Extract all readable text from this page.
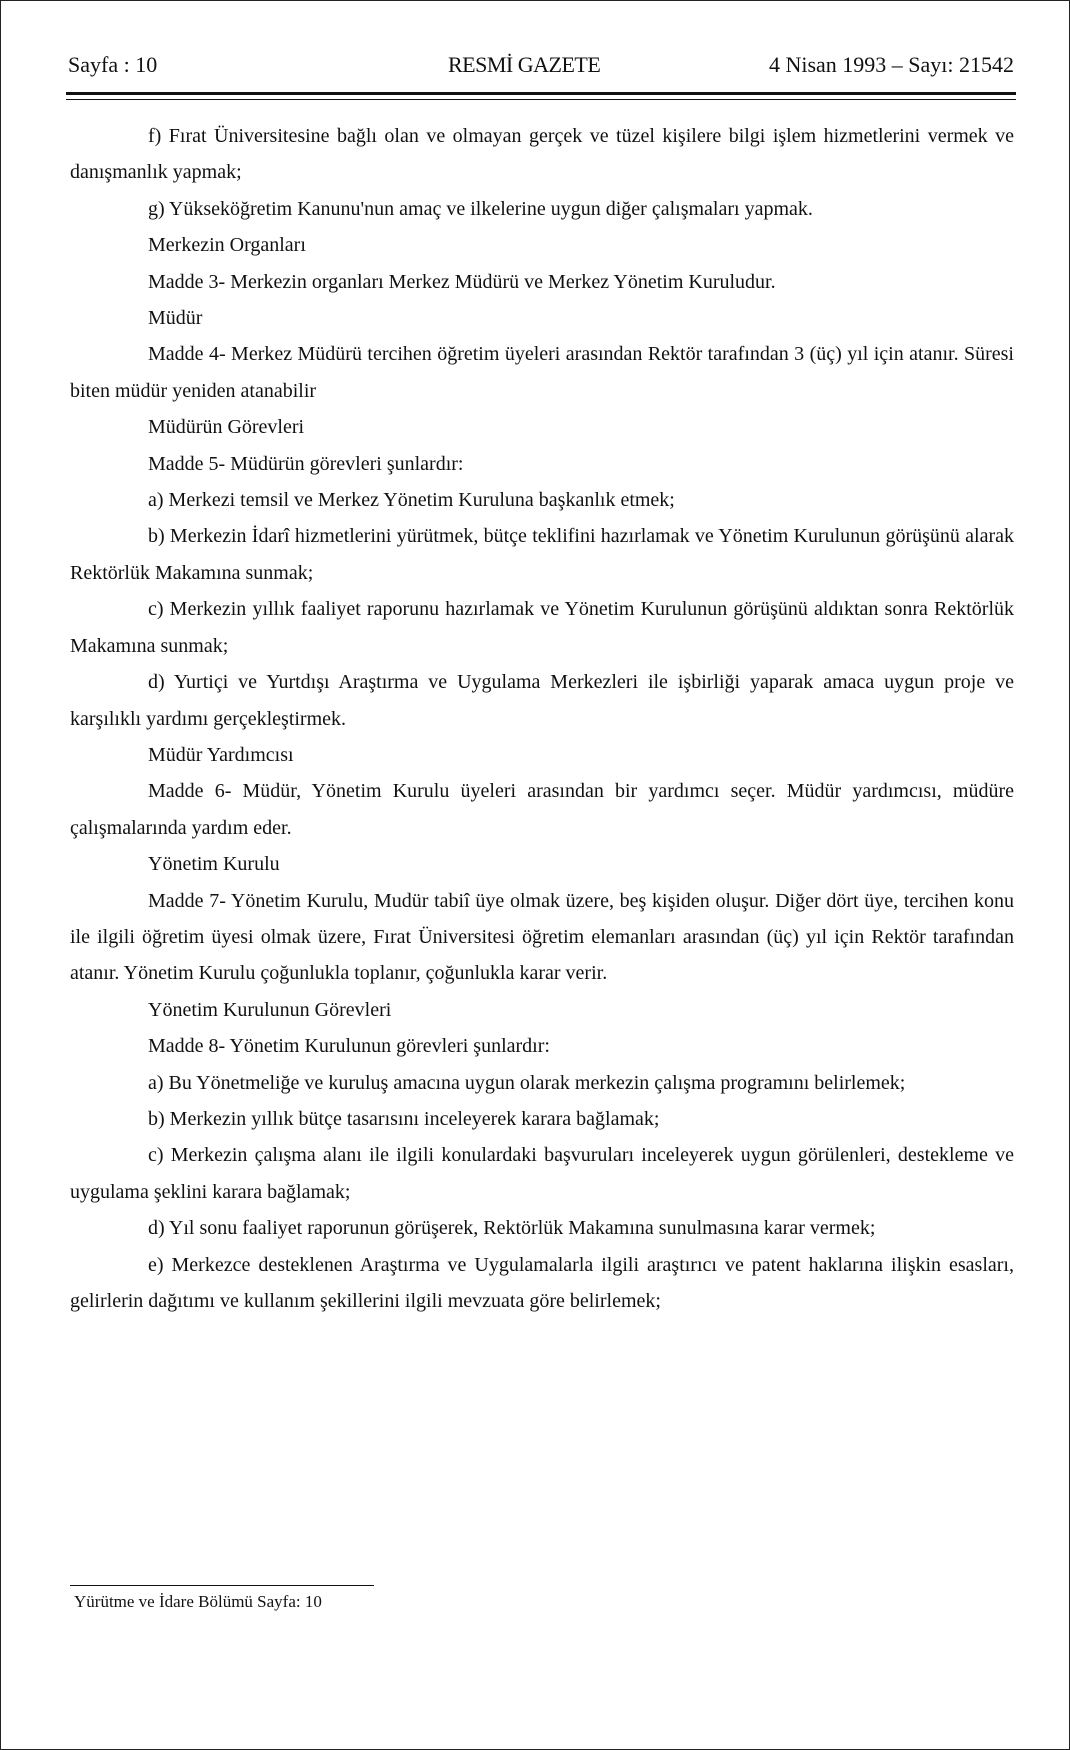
Sayfa : 10	RESMİ GAZETE	4 Nisan 1993 – Sayı: 21542

f) Fırat Üniversitesine bağlı olan ve olmayan gerçek ve tüzel kişilere bilgi işlem hizmetlerini vermek ve danışmanlık yapmak;

g) Yükseköğretim Kanunu'nun amaç ve ilkelerine uygun diğer çalışmaları yapmak.

Merkezin Organları

Madde 3- Merkezin organları Merkez Müdürü ve Merkez Yönetim Kuruludur.

Müdür

Madde 4- Merkez Müdürü tercihen öğretim üyeleri arasından Rektör tarafından 3 (üç) yıl için atanır. Süresi biten müdür yeniden atanabilir

Müdürün Görevleri

Madde 5- Müdürün görevleri şunlardır:

a) Merkezi temsil ve Merkez Yönetim Kuruluna başkanlık etmek;

b) Merkezin İdarî hizmetlerini yürütmek, bütçe teklifini hazırlamak ve Yönetim Kurulunun görüşünü alarak Rektörlük Makamına sunmak;

c) Merkezin yıllık faaliyet raporunu hazırlamak ve Yönetim Kurulunun görüşünü aldıktan sonra Rektörlük Makamına sunmak;

d) Yurtiçi ve Yurtdışı Araştırma ve Uygulama Merkezleri ile işbirliği yaparak amaca uygun proje ve karşılıklı yardımı gerçekleştirmek.

Müdür Yardımcısı

Madde 6- Müdür, Yönetim Kurulu üyeleri arasından bir yardımcı seçer. Müdür yardımcısı, müdüre çalışmalarında yardım eder.

Yönetim Kurulu

Madde 7- Yönetim Kurulu, Mudür tabiî üye olmak üzere, beş kişiden oluşur. Diğer dört üye, tercihen konu ile ilgili öğretim üyesi olmak üzere, Fırat Üniversitesi öğretim elemanları arasından (üç) yıl için Rektör tarafından atanır. Yönetim Kurulu çoğunlukla toplanır, çoğunlukla karar verir.

Yönetim Kurulunun Görevleri

Madde 8- Yönetim Kurulunun görevleri şunlardır:

a) Bu Yönetmeliğe ve kuruluş amacına uygun olarak merkezin çalışma programını belirlemek;

b) Merkezin yıllık bütçe tasarısını inceleyerek karara bağlamak;

c) Merkezin çalışma alanı ile ilgili konulardaki başvuruları inceleyerek uygun görülenleri, destekleme ve uygulama şeklini karara bağlamak;

d) Yıl sonu faaliyet raporunun görüşerek, Rektörlük Makamına sunulmasına karar vermek;

e) Merkezce desteklenen Araştırma ve Uygulamalarla ilgili araştırıcı ve patent haklarına ilişkin esasları, gelirlerin dağıtımı ve kullanım şekillerini ilgili mevzuata göre belirlemek;

Yürütme ve İdare Bölümü Sayfa: 10
